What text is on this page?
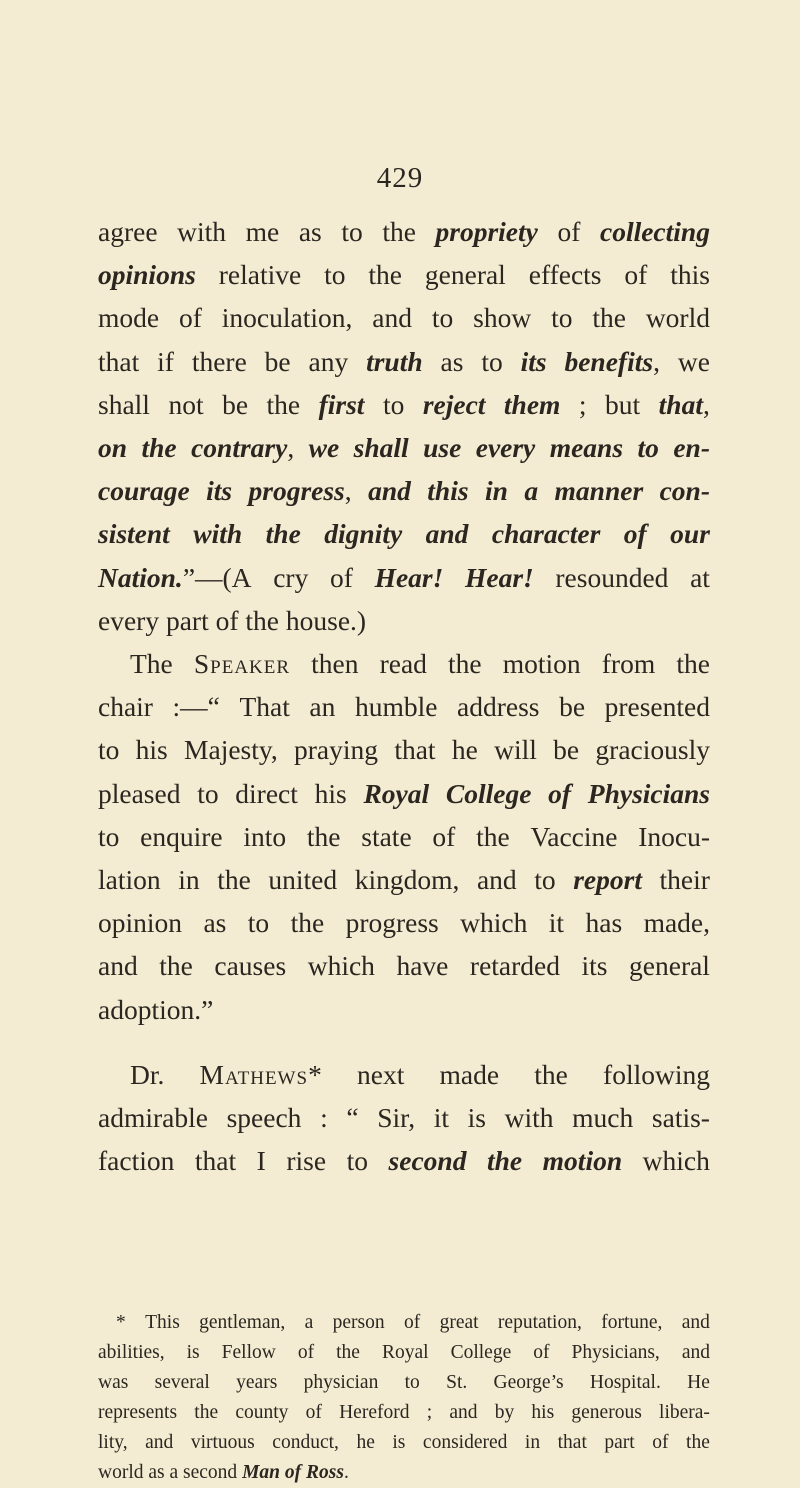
429
agree with me as to the propriety of collecting
opinions relative to the general effects of this
mode of inoculation, and to show to the world
that if there be any truth as to its benefits, we
shall not be the first to reject them ; but that,
on the contrary, we shall use every means to en-
courage its progress, and this in a manner con-
sistent with the dignity and character of our
Nation.”—(A cry of Hear! Hear! resounded at
every part of the house.)
The Speaker then read the motion from the
chair :—“ That an humble address be presented
to his Majesty, praying that he will be graciously
pleased to direct his Royal College of Physicians
to enquire into the state of the Vaccine Inocu-
lation in the united kingdom, and to report their
opinion as to the progress which it has made,
and the causes which have retarded its general
adoption.”
Dr. Mathews* next made the following
admirable speech : “ Sir, it is with much satis-
faction that I rise to second the motion which
* This gentleman, a person of great reputation, fortune, and
abilities, is Fellow of the Royal College of Physicians, and
was several years physician to St. George’s Hospital. He
represents the county of Hereford ; and by his generous libera-
lity, and virtuous conduct, he is considered in that part of the
world as a second Man of Ross.
